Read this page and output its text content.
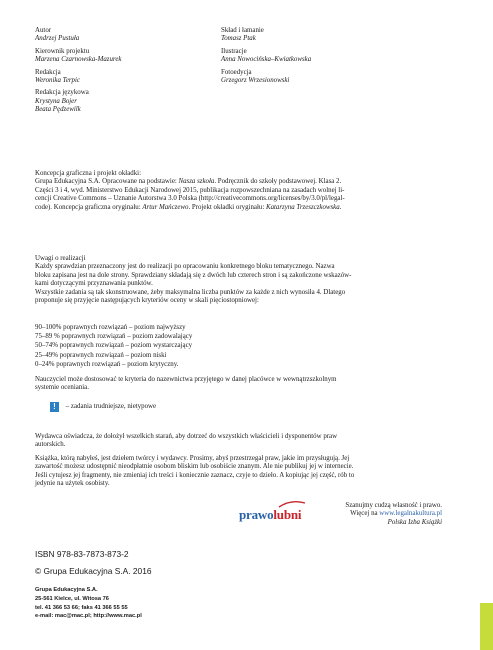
Autor
Andrzej Pustuła
Kierownik projektu
Marzena Czarnowska-Mazurek
Redakcja
Weronika Terpic
Redakcja językowa
Krystyna Bojer
Beata Pędzewilk
Skład i łamanie
Tomasz Ptak
Ilustracje
Anna Nowocińska–Kwiatkowska
Fotoedycja
Grzegorz Wrzesionowski

Koncepcja graficzna i projekt okładki:

Grupa Edukacyjna S.A. Opracowane na podstawie: Nasza szkoła. Podręcznik do szkoły podstawowej. Klasa 2.

Części 3 i 4, wyd. Ministerstwo Edukacji Narodowej 2015, publikacja rozpowszechniana na zasadach wolnej li-

cencji Creative Commons – Uznanie Autorstwa 3.0 Polska (http://creativecommons.org/licenses/by/3.0/pl/legal-

code). Koncepcja graficzna oryginału: Artur Mańczewo. Projekt okładki oryginału: Katarzyna Trzeszczkowska.

Uwagi o realizacji

Każdy sprawdzian przeznaczony jest do realizacji po opracowaniu konkretnego bloku tematycznego. Nazwa

bloku zapisana jest na dole strony. Sprawdziany składają się z dwóch lub czterech stron i są zakończone wskazów-

kami dotyczącymi przyznawania punktów.

Wszystkie zadania są tak skonstruowane, żeby maksymalna liczba punktów za każde z nich wynosiła 4. Dlatego

proponuje się przyjęcie następujących kryteriów oceny w skali pięciostopniowej:

90–100% poprawnych rozwiązań – poziom najwyższy
75–89 % poprawnych rozwiązań – poziom zadowalający
50–74% poprawnych rozwiązań – poziom wystarczający
25–49% poprawnych rozwiązań – poziom niski
0–24% poprawnych rozwiązań – poziom krytyczny.

Nauczyciel może dostosować te kryteria do nazewnictwa przyjętego w danej placówce w wewnątrzszkolnym

systemie oceniania.

! – zadania trudniejsze, nietypowe

Wydawca oświadcza, że dołożył wszelkich starań, aby dotrzeć do wszystkich właścicieli i dysponentów praw

autorskich.

Książka, którą nabyłeś, jest dziełem twórcy i wydawcy. Prosimy, abyś przestrzegał praw, jakie im przysługują. Jej

zawartość możesz udostępnić nieodpłatnie osobom bliskim lub osobiście znanym. Ale nie publikuj jej w internecie.

Jeśli cytujesz jej fragmenty, nie zmieniaj ich treści i koniecznie zaznacz, czyje to dzieło. A kopiując jej część, rób to

jedynie na użytek osobisty.

prawolubni
Szanujmy cudzą własność i prawo.
Więcej na www.legalnakultura.pl
Polska Izba Książki
ISBN 978-83-7873-873-2
© Grupa Edukacyjna S.A. 2016
Grupa Edukacyjna S.A.
25-561 Kielce, ul. Witosa 76
tel. 41 366 53 66; faks 41 366 55 55
e-mail: mac@mac.pl; http://www.mac.pl
